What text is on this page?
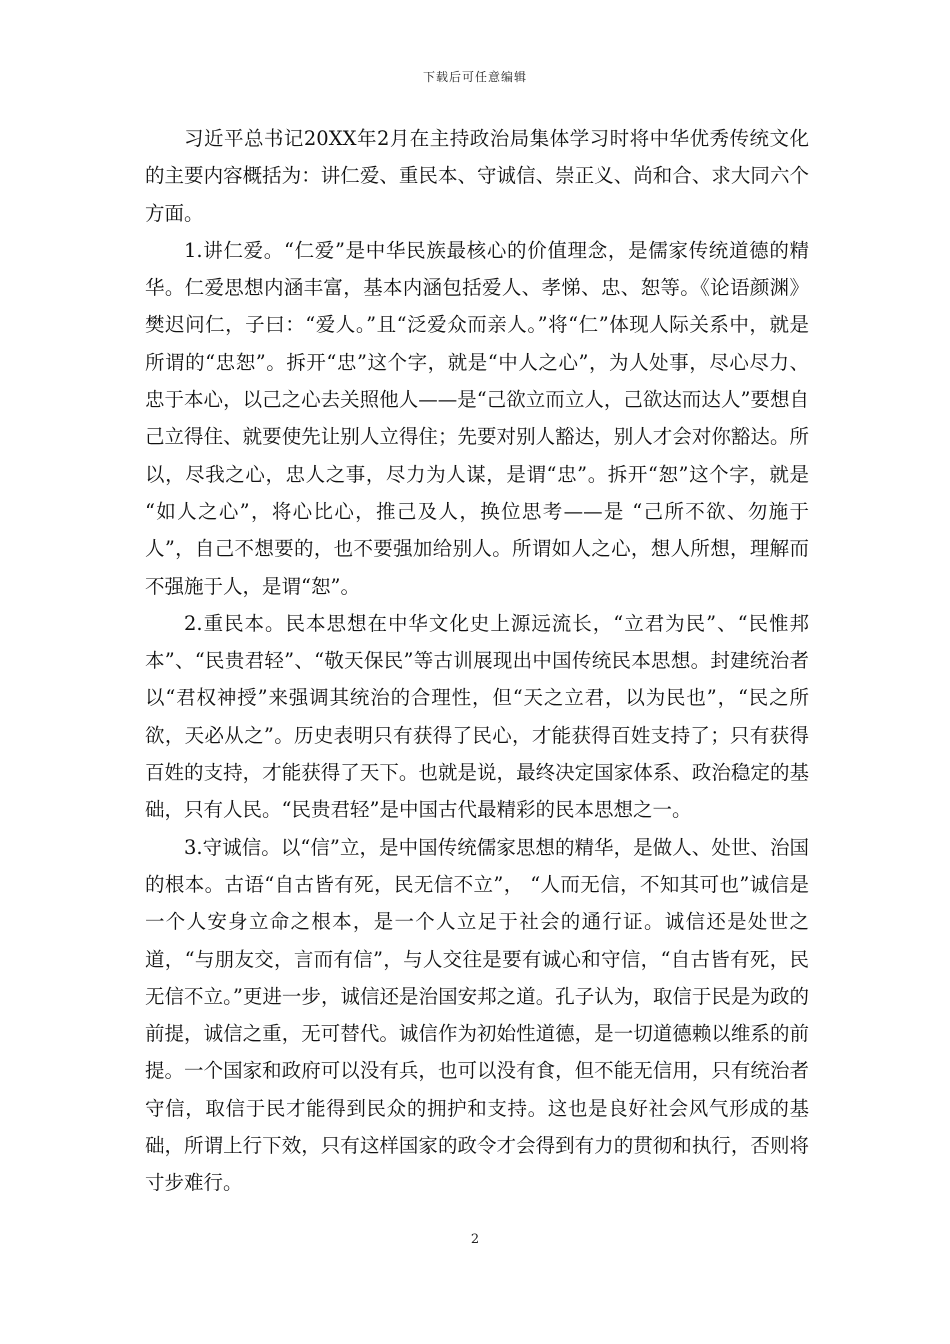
下载后可任意编辑

习近平总书记20XX年2月在主持政治局集体学习时将中华优秀传统文化的主要内容概括为：讲仁爱、重民本、守诚信、崇正义、尚和合、求大同六个方面。

1.讲仁爱。“仁爱”是中华民族最核心的价值理念，是儒家传统道德的精华。仁爱思想内涵丰富，基本内涵包括爱人、孝悌、忠、恕等。《论语颜渊》樊迟问仁，子曰：“爱人。”且“泛爱众而亲人。”将“仁”体现人际关系中，就是所谓的“忠恕”。拆开“忠”这个字，就是“中人之心”，为人处事，尽心尽力、忠于本心，以己之心去关照他人——是“己欲立而立人，己欲达而达人”要想自己立得住、就要使先让别人立得住；先要对别人豁达，别人才会对你豁达。所以，尽我之心，忠人之事，尽力为人谋，是谓“忠”。拆开“恕”这个字，就是 “如人之心”，将心比心，推己及人，换位思考——是 “己所不欲、勿施于人”，自己不想要的，也不要强加给别人。所谓如人之心，想人所想，理解而不强施于人，是谓“恕”。

2.重民本。民本思想在中华文化史上源远流长，“立君为民”、“民惟邦本”、“民贵君轻”、“敬天保民”等古训展现出中国传统民本思想。封建统治者以“君权神授”来强调其统治的合理性，但“天之立君，以为民也”，“民之所欲，天必从之”。历史表明只有获得了民心，才能获得百姓支持了；只有获得百姓的支持，才能获得了天下。也就是说，最终决定国家体系、政治稳定的基础，只有人民。“民贵君轻”是中国古代最精彩的民本思想之一。

3.守诚信。以“信”立，是中国传统儒家思想的精华，是做人、处世、治国的根本。古语“自古皆有死，民无信不立”， “人而无信，不知其可也”诚信是一个人安身立命之根本，是一个人立足于社会的通行证。诚信还是处世之道，“与朋友交，言而有信”，与人交往是要有诚心和守信，“自古皆有死，民无信不立。”更进一步，诚信还是治国安邦之道。孔子认为，取信于民是为政的前提，诚信之重，无可替代。诚信作为初始性道德，是一切道德赖以维系的前提。一个国家和政府可以没有兵，也可以没有食，但不能无信用，只有统治者守信，取信于民才能得到民众的拥护和支持。这也是良好社会风气形成的基础，所谓上行下效，只有这样国家的政令才会得到有力的贯彻和执行，否则将寸步难行。

2
